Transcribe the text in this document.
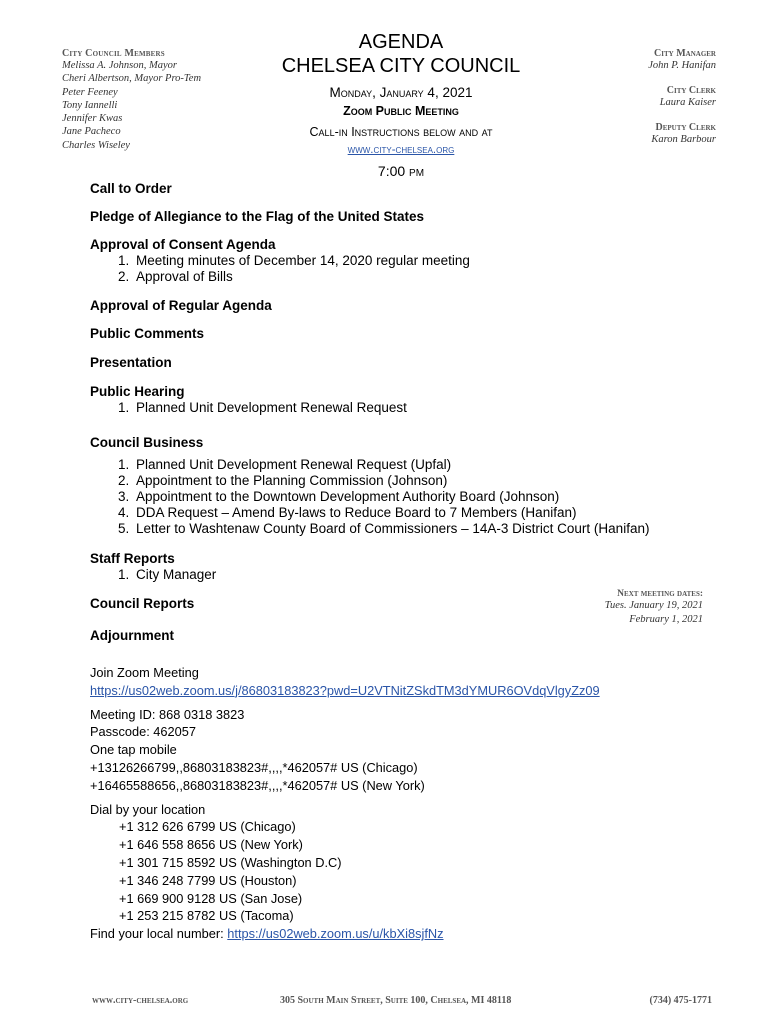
City Council Members
Melissa A. Johnson, Mayor
Cheri Albertson, Mayor Pro-Tem
Peter Feeney
Tony Iannelli
Jennifer Kwas
Jane Pacheco
Charles Wiseley
AGENDA
CHELSEA CITY COUNCIL
Monday, January 4, 2021
Zoom Public Meeting
Call-in Instructions below and at
www.city-chelsea.org
7:00 pm
City Manager
John P. Hanifan
City Clerk
Laura Kaiser
Deputy Clerk
Karon Barbour
Call to Order
Pledge of Allegiance to the Flag of the United States
Approval of Consent Agenda
1. Meeting minutes of December 14, 2020 regular meeting
2. Approval of Bills
Approval of Regular Agenda
Public Comments
Presentation
Public Hearing
1. Planned Unit Development Renewal Request
Council Business
1. Planned Unit Development Renewal Request (Upfal)
2. Appointment to the Planning Commission (Johnson)
3. Appointment to the Downtown Development Authority Board (Johnson)
4. DDA Request – Amend By-laws to Reduce Board to 7 Members (Hanifan)
5. Letter to Washtenaw County Board of Commissioners – 14A-3 District Court (Hanifan)
Staff Reports
1. City Manager
Council Reports
Adjournment
Next meeting dates:
Tues. January 19, 2021
February 1, 2021
Join Zoom Meeting
https://us02web.zoom.us/j/86803183823?pwd=U2VTNitZSkdTM3dYMUR6OVdqVlgyZz09
Meeting ID: 868 0318 3823
Passcode: 462057
One tap mobile
+13126266799,,86803183823#,,,,*462057# US (Chicago)
+16465588656,,86803183823#,,,,*462057# US (New York)
Dial by your location
+1 312 626 6799 US (Chicago)
+1 646 558 8656 US (New York)
+1 301 715 8592 US (Washington D.C)
+1 346 248 7799 US (Houston)
+1 669 900 9128 US (San Jose)
+1 253 215 8782 US (Tacoma)
Find your local number: https://us02web.zoom.us/u/kbXi8sjfNz
www.city-chelsea.org	305 South Main Street, Suite 100, Chelsea, MI 48118	(734) 475-1771
